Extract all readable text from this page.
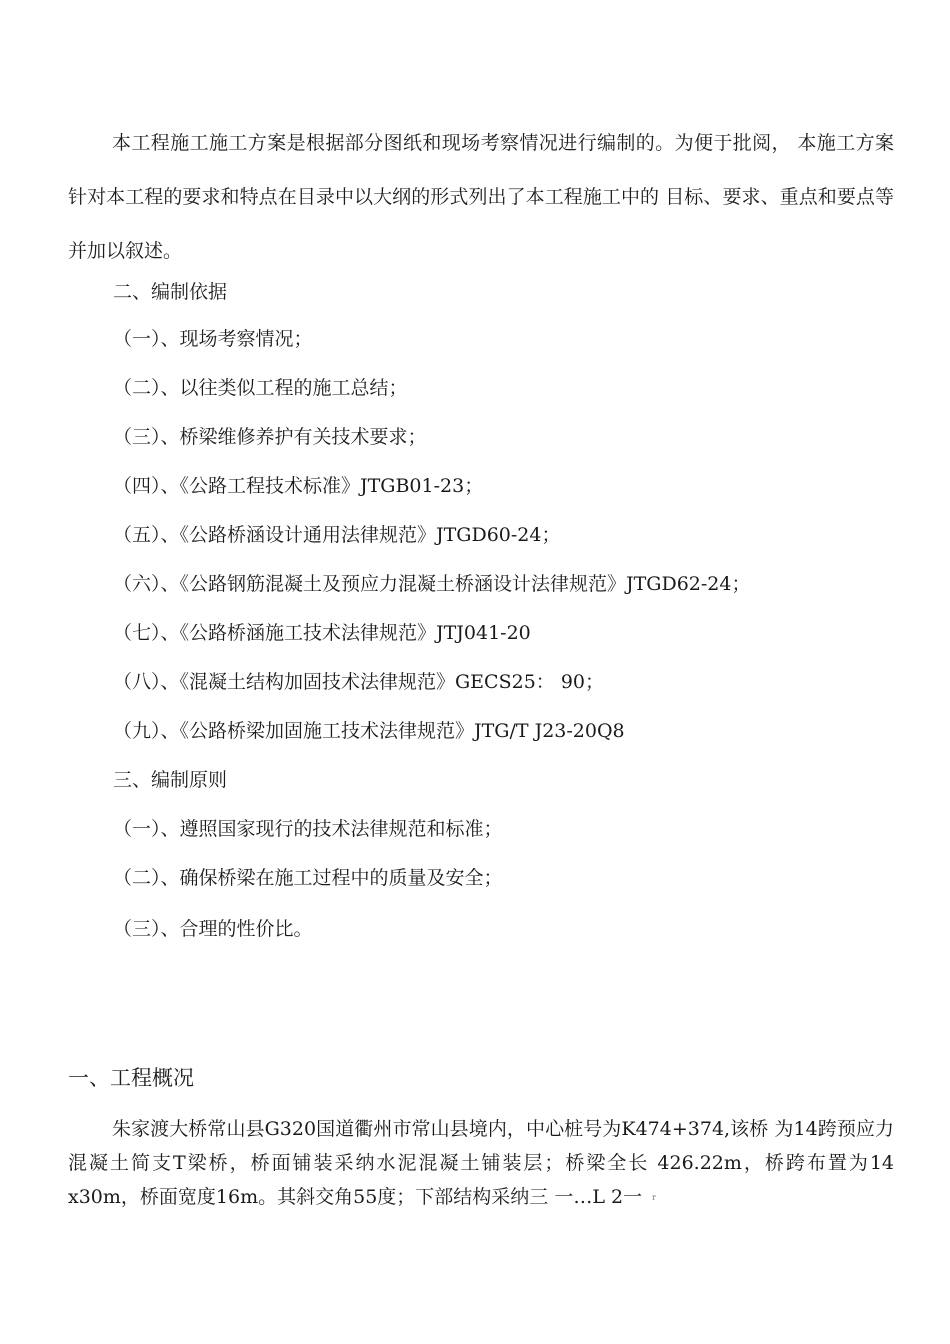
本工程施工施工方案是根据部分图纸和现场考察情况进行编制的。为便于批阅， 本施工方案针对本工程的要求和特点在目录中以大纲的形式列出了本工程施工中的 目标、要求、重点和要点等并加以叙述。

二、编制依据

（一）、现场考察情况；

（二）、以往类似工程的施工总结；

（三）、桥梁维修养护有关技术要求；

（四）、《公路工程技术标准》JTGB01-23；

（五）、《公路桥涵设计通用法律规范》JTGD60-24；

（六）、《公路钢筋混凝土及预应力混凝土桥涵设计法律规范》JTGD62-24；

（七）、《公路桥涵施工技术法律规范》JTJ041-20

（八）、《混凝土结构加固技术法律规范》GECS25： 90；

（九）、《公路桥梁加固施工技术法律规范》JTG/T J23-20Q8

三、编制原则

（一）、遵照国家现行的技术法律规范和标准；

（二）、确保桥梁在施工过程中的质量及安全；

（三）、合理的性价比。

一、工程概况

朱家渡大桥常山县G320国道衢州市常山县境内，中心桩号为K474+374,该桥 为14跨预应力混凝土简支T梁桥，桥面铺装采纳水泥混凝土铺装层；桥梁全长 426.22m，桥跨布置为14 x30m，桥面宽度16m。其斜交角55度；下部结构采纳三 一…L 2一 r
